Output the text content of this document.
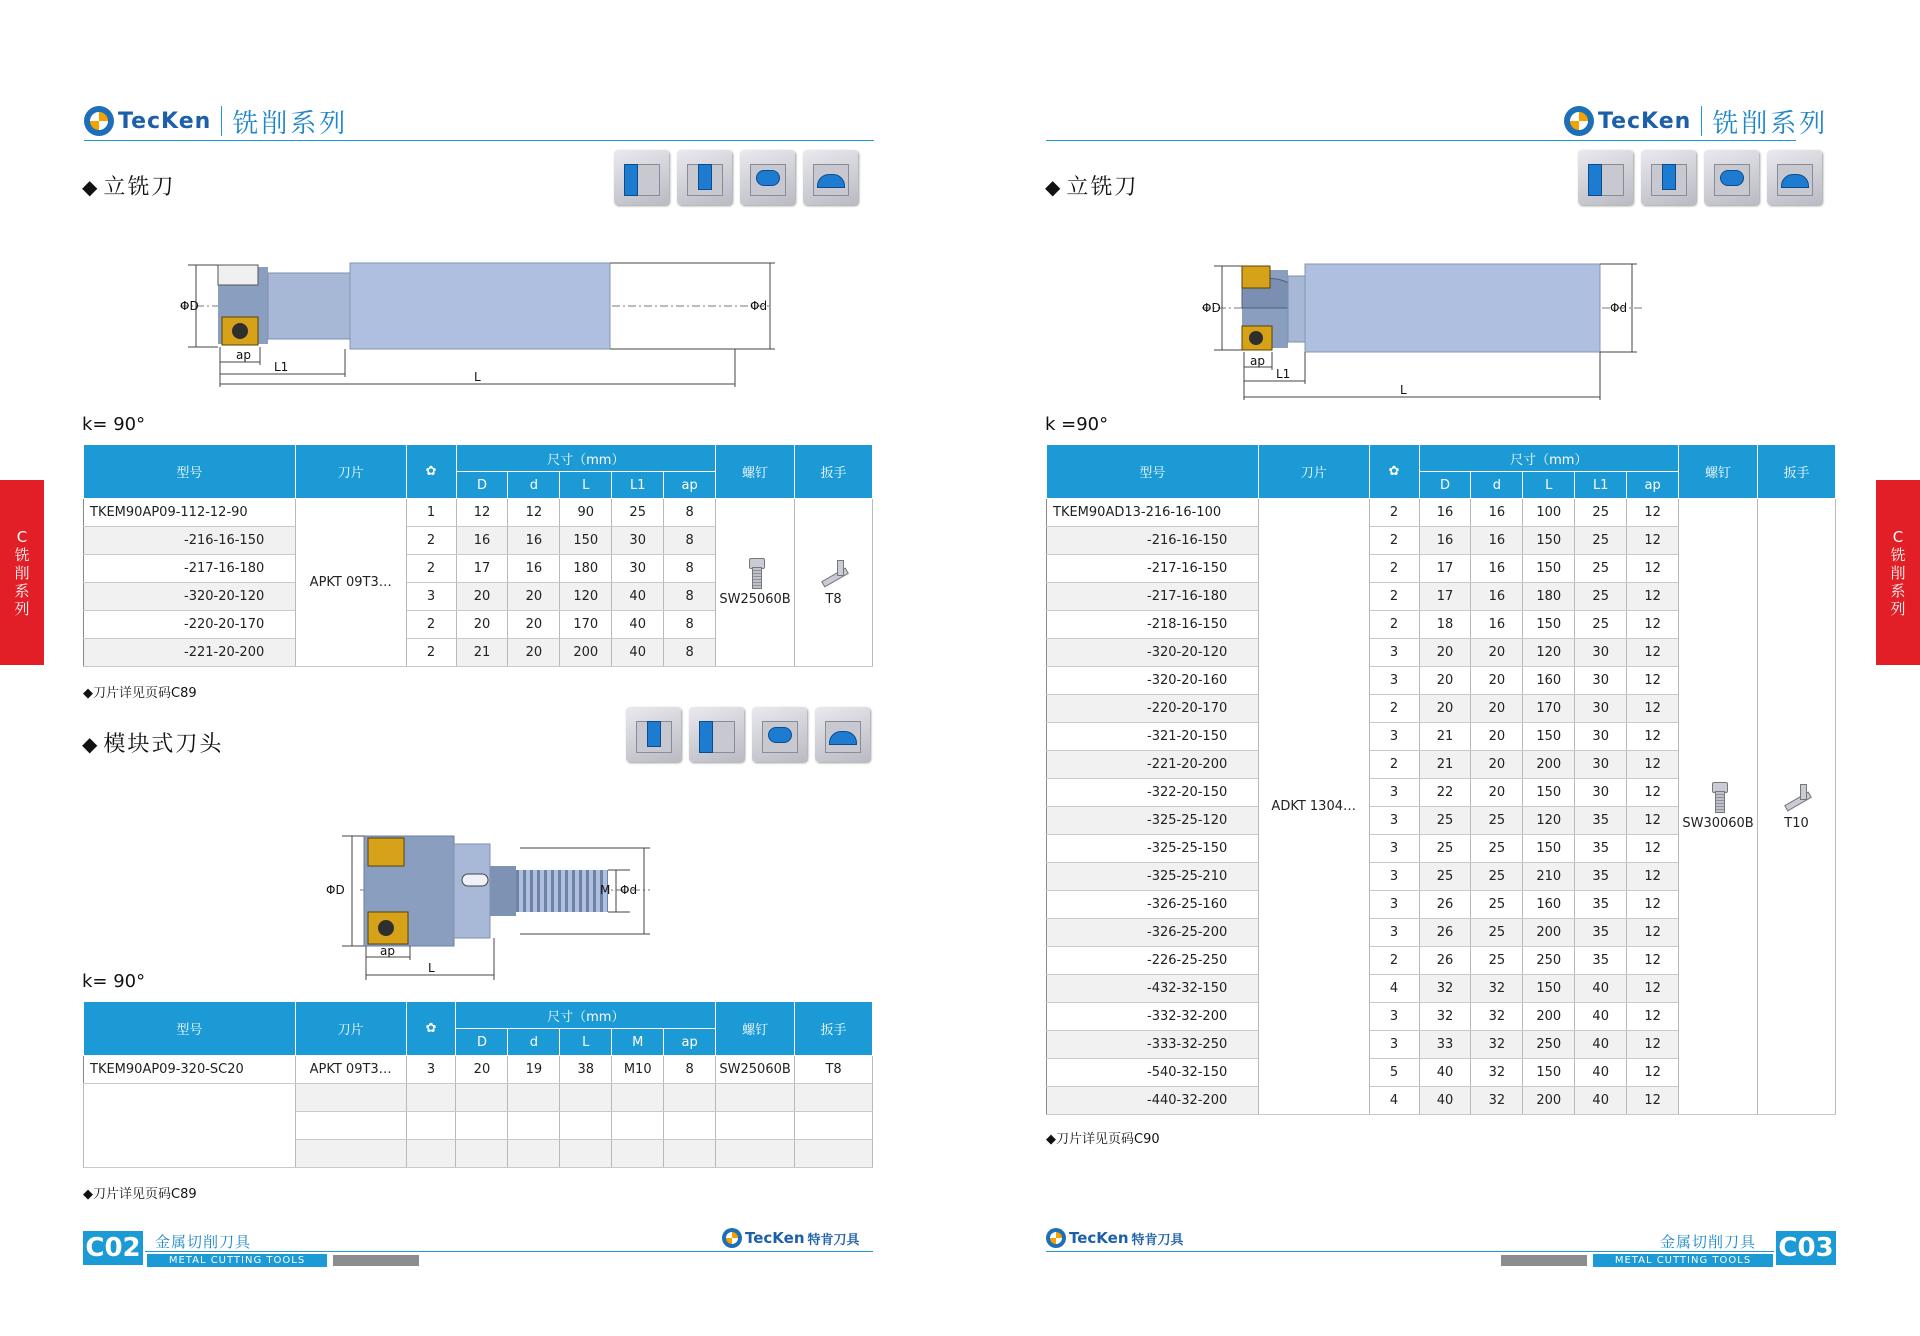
TecKen 铣削系列
C
铣
削
系
列
◆ 立铣刀
ΦD	Φd
ap
L1
L
k= 90°
型号	刀片	✿	尺寸（mm）					螺钉	扳手
			D	d	L	L1	ap		
TKEM90AP09-112-12-90	APKT 09T3…	1	12	12	90	25	8	SW25060B	T8
-216-16-150		2	16	16	150	30	8		
-217-16-180		2	17	16	180	30	8		
-320-20-120		3	20	20	120	40	8		
-220-20-170		2	20	20	170	40	8		
-221-20-200		2	21	20	200	40	8		
◆刀片详见页码C89
◆ 模块式刀头
ΦD	M Φd
ap
L
k= 90°
型号	刀片	✿	尺寸（mm）					螺钉	扳手
			D	d	L	M	ap		
TKEM90AP09-320-SC20	APKT 09T3…	3	20	19	38	M10	8	SW25060B	T8

◆刀片详见页码C89
C02 金属切削刀具
METAL CUTTING TOOLS
TecKen 特肯刀具
TecKen 铣削系列
C
铣
削
系
列
◆ 立铣刀
ΦD	Φd
ap
L1
L
k =90°
型号	刀片	✿	尺寸（mm）					螺钉	扳手
			D	d	L	L1	ap		
TKEM90AD13-216-16-100	ADKT 1304…	2	16	16	100	25	12	SW30060B	T10
-216-16-150		2	16	16	150	25	12		
-217-16-150		2	17	16	150	25	12		
-217-16-180		2	17	16	180	25	12		
-218-16-150		2	18	16	150	25	12		
-320-20-120		3	20	20	120	30	12		
-320-20-160		3	20	20	160	30	12		
-220-20-170		2	20	20	170	30	12		
-321-20-150		3	21	20	150	30	12		
-221-20-200		2	21	20	200	30	12		
-322-20-150		3	22	20	150	30	12		
-325-25-120		3	25	25	120	35	12		
-325-25-150		3	25	25	150	35	12		
-325-25-210		3	25	25	210	35	12		
-326-25-160		3	26	25	160	35	12		
-326-25-200		3	26	25	200	35	12		
-226-25-250		2	26	25	250	35	12		
-432-32-150		4	32	32	150	40	12		
-332-32-200		3	32	32	200	40	12		
-333-32-250		3	33	32	250	40	12		
-540-32-150		5	40	32	150	40	12		
-440-32-200		4	40	32	200	40	12		
◆刀片详见页码C90
TecKen 特肯刀具	金属切削刀具
METAL CUTTING TOOLS	C03
